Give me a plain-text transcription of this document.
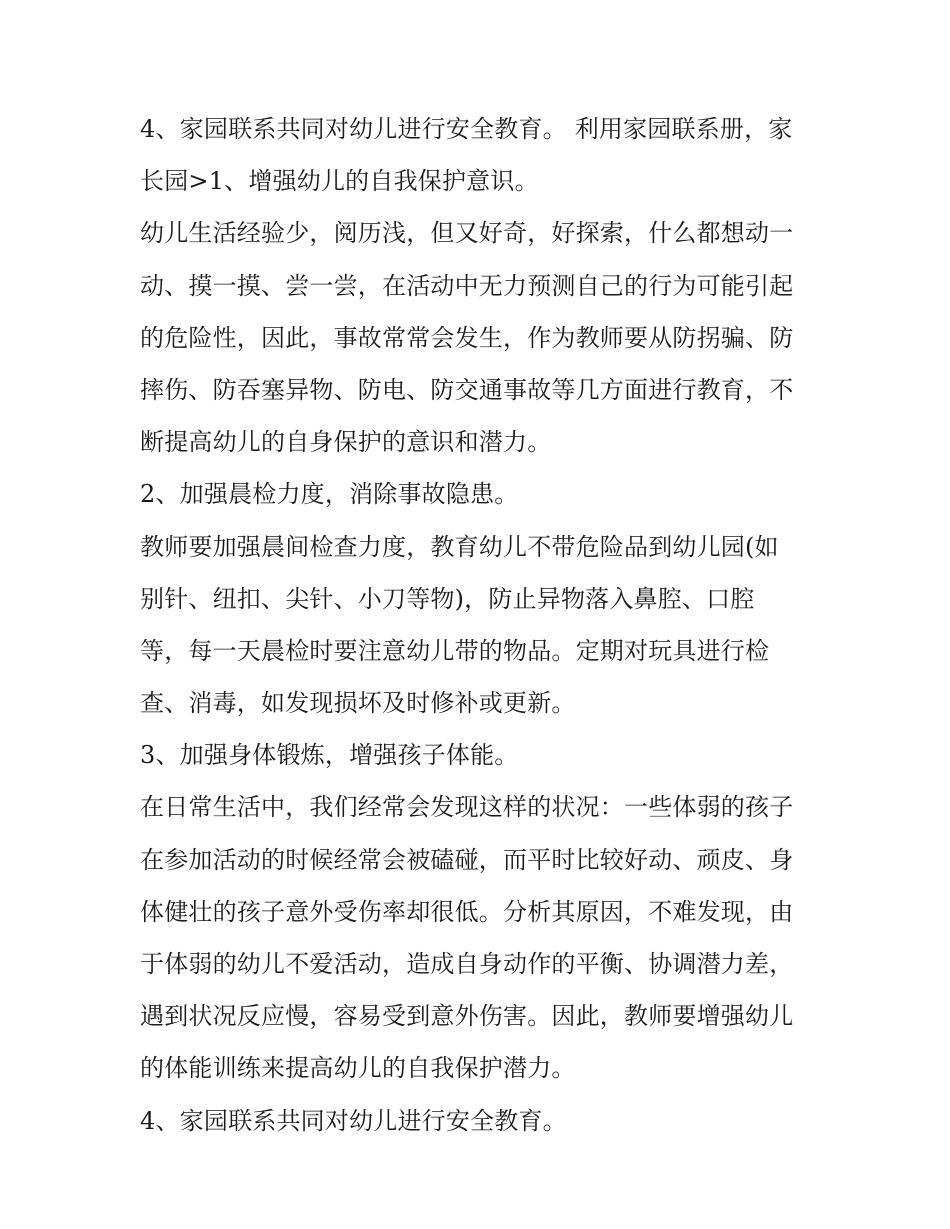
4、家园联系共同对幼儿进行安全教育。 利用家园联系册，家
长园>1、增强幼儿的自我保护意识。
幼儿生活经验少，阅历浅，但又好奇，好探索，什么都想动一
动、摸一摸、尝一尝，在活动中无力预测自己的行为可能引起
的危险性，因此，事故常常会发生，作为教师要从防拐骗、防
摔伤、防吞塞异物、防电、防交通事故等几方面进行教育，不
断提高幼儿的自身保护的意识和潜力。
2、加强晨检力度，消除事故隐患。
教师要加强晨间检查力度，教育幼儿不带危险品到幼儿园(如
别针、纽扣、尖针、小刀等物)，防止异物落入鼻腔、口腔
等，每一天晨检时要注意幼儿带的物品。定期对玩具进行检
查、消毒，如发现损坏及时修补或更新。
3、加强身体锻炼，增强孩子体能。
在日常生活中，我们经常会发现这样的状况：一些体弱的孩子
在参加活动的时候经常会被磕碰，而平时比较好动、顽皮、身
体健壮的孩子意外受伤率却很低。分析其原因，不难发现，由
于体弱的幼儿不爱活动，造成自身动作的平衡、协调潜力差，
遇到状况反应慢，容易受到意外伤害。因此，教师要增强幼儿
的体能训练来提高幼儿的自我保护潜力。
4、家园联系共同对幼儿进行安全教育。
